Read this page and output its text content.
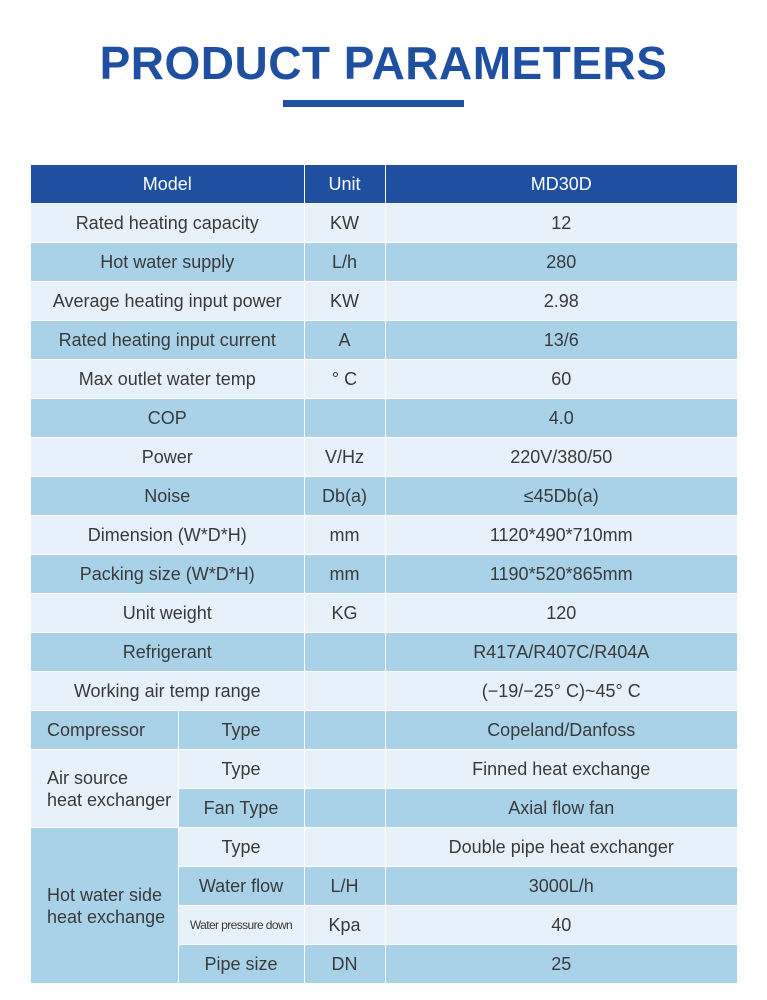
PRODUCT PARAMETERS
Model		Unit	MD30D
Rated heating capacity		KW	12
Hot water supply		L/h	280
Average heating input power		KW	2.98
Rated heating input current		A	13/6
Max outlet water temp		° C	60
COP			4.0
Power		V/Hz	220V/380/50
Noise		Db(a)	≤45Db(a)
Dimension (W*D*H)		mm	1120*490*710mm
Packing size (W*D*H)		mm	1190*520*865mm
Unit weight		KG	120
Refrigerant			R417A/R407C/R404A
Working air temp range			(−19/−25° C)~45° C
Compressor	Type		Copeland/Danfoss
Air source
heat exchanger	Type		Finned heat exchange
	Fan Type		Axial flow fan
Hot water side
heat exchange	Type		Double pipe heat exchanger
	Water flow	L/H	3000L/h
	Water pressure down	Kpa	40
	Pipe size	DN	25
